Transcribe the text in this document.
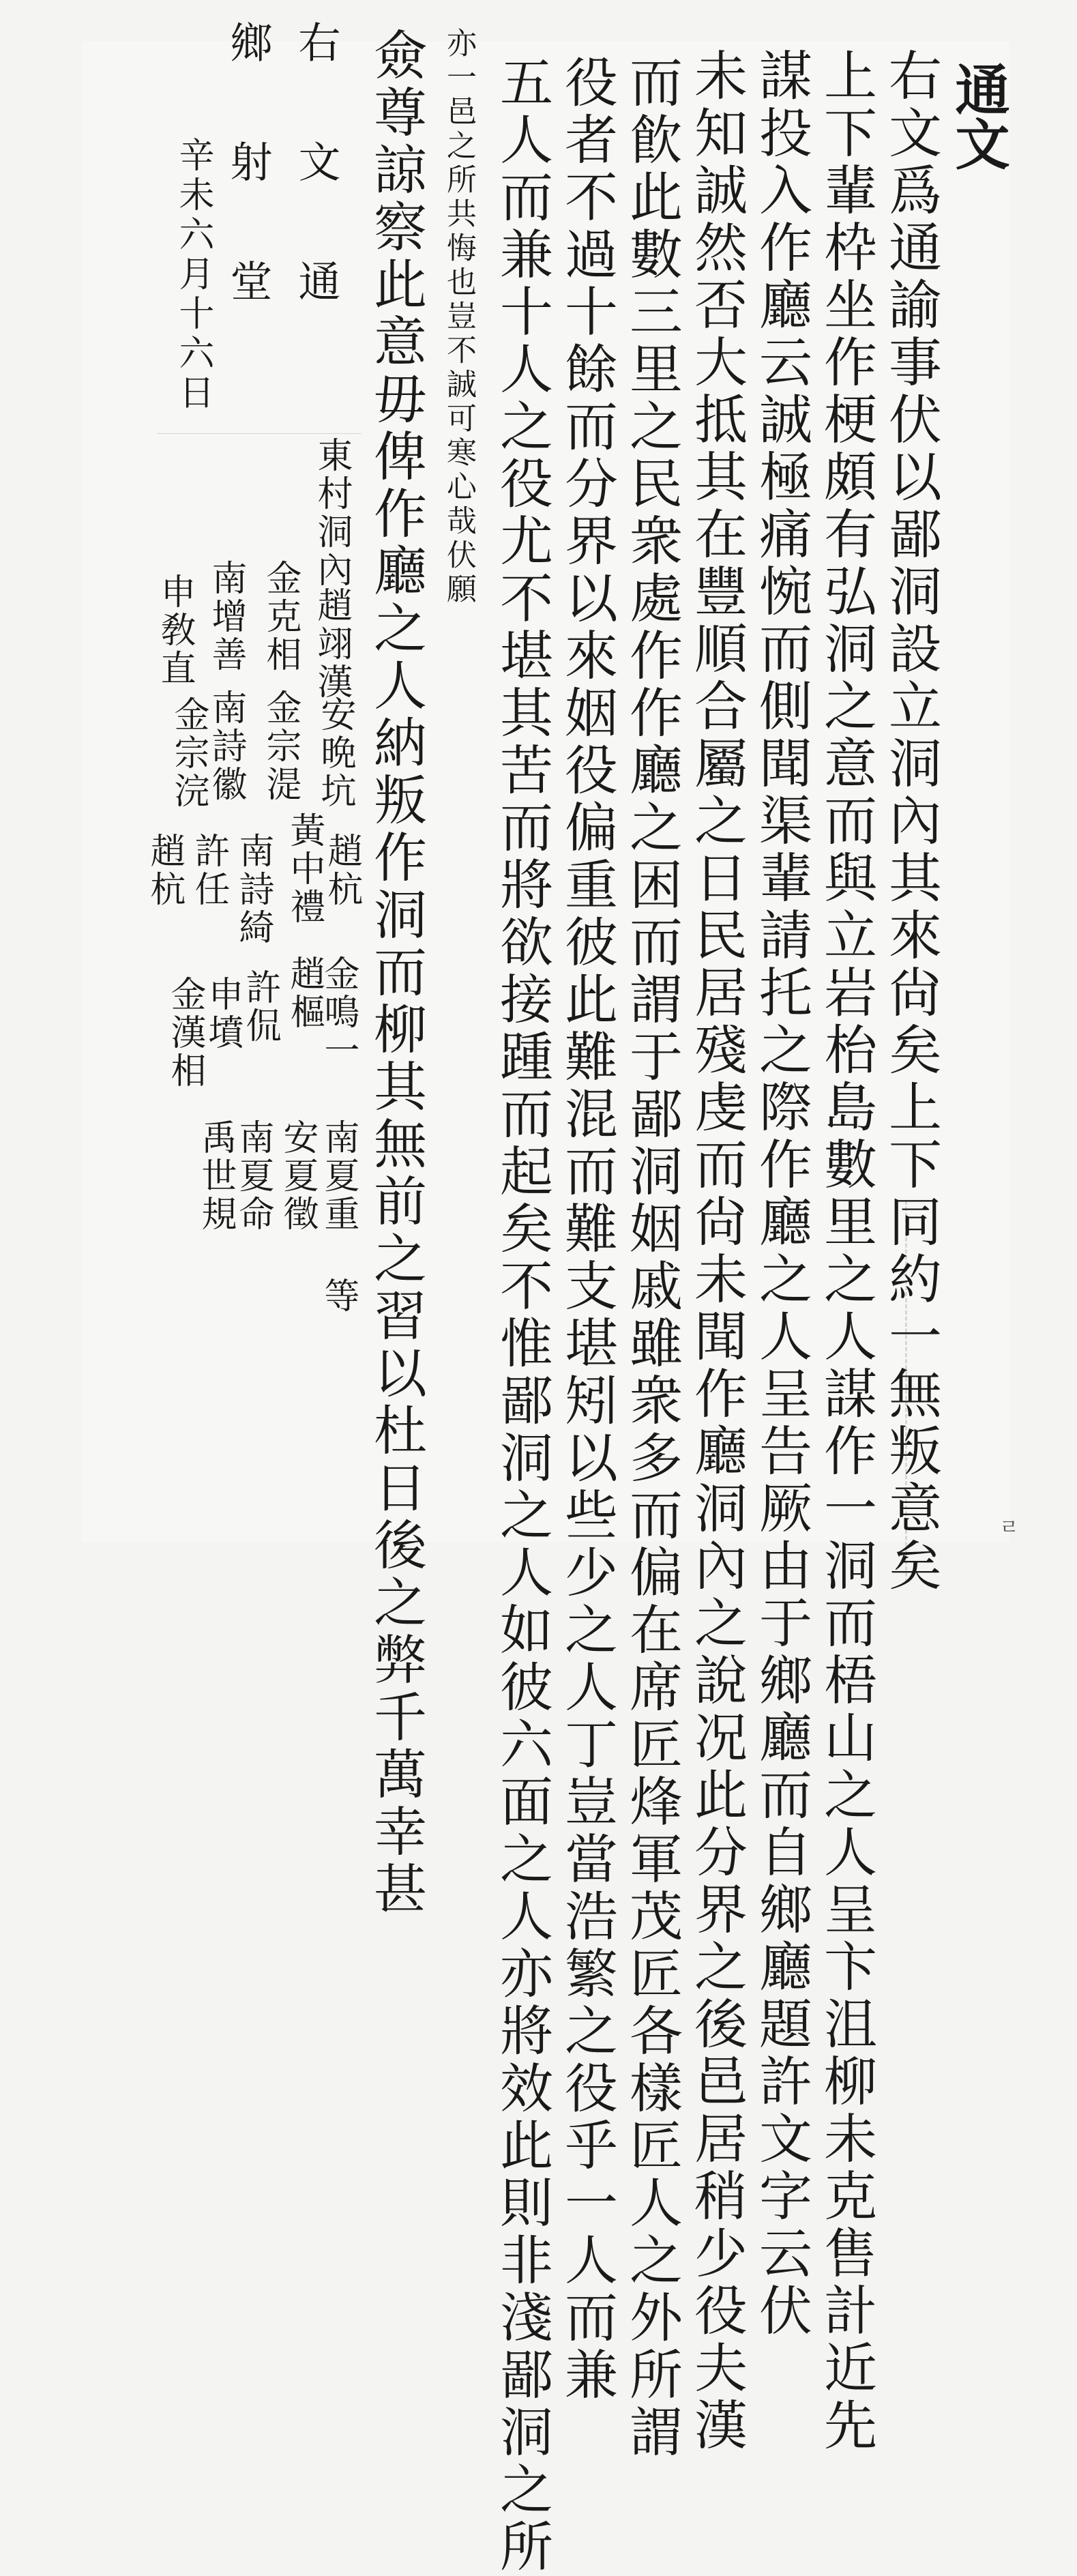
通文
右文爲通諭事伏以鄙洞設立洞內其來尙矣上下同約一無叛意矣
上下輩枠坐作梗頗有弘洞之意而與立岩枱島數里之人謀作一洞而梧山之人呈卞沮柳未克售計近先
謀投入作廳云誠極痛惋而側聞渠輩請托之際作廳之人呈告厥由于鄉廳而自鄉廳題許文字云伏
未知誠然否大抵其在豐順合屬之日民居殘虔而尙未聞作廳洞內之說况此分界之後邑居稍少役夫漢
而飮此數三里之民衆處作作廳之困而謂于鄙洞姻戚雖衆多而偏在席匠烽軍茂匠各樣匠人之外所謂
役者不過十餘而分界以來姻役偏重彼此難混而難支堪矧以些少之人丁豈當浩繁之役乎一人而兼
五人而兼十人之役尤不堪其苦而將欲接踵而起矣不惟鄙洞之人如彼六面之人亦將效此則非淺鄙洞之所
亦一邑之所共悔也豈不誠可寒心哉伏願
僉尊諒察此意毋俾作廳之人納叛作洞而柳其無前之習以杜日後之弊千萬幸甚
右 文 通
鄉 射 堂
辛未六月十六日
東村洞內
趙翊漢
安晩坑
趙杭
金鳴一
南夏重 等
金克相
金宗湜
黃中禮
趙樞
安夏徵
南增善
南詩徽
南詩綺
許侃
南夏命
申敎直
金宗浣
許任
申墳
禹世規
趙杭
金漢相
ㄹ
